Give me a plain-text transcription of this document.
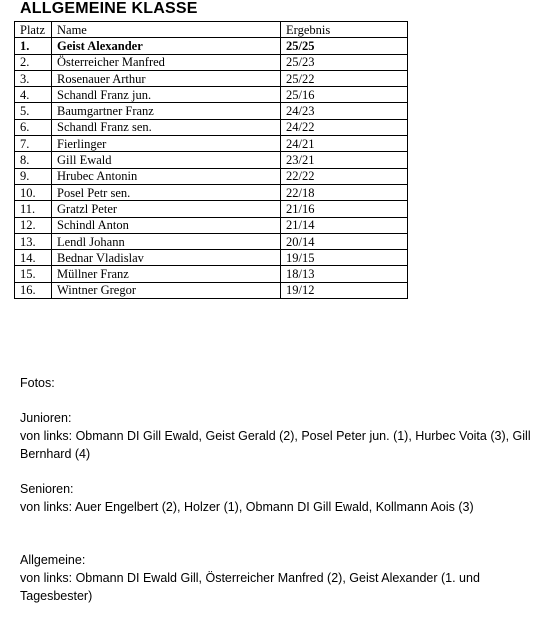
ALLGEMEINE KLASSE
Platz	Name	Ergebnis
1.	Geist Alexander	25/25
2.	Österreicher Manfred	25/23
3.	Rosenauer Arthur	25/22
4.	Schandl Franz jun.	25/16
5.	Baumgartner Franz	24/23
6.	Schandl Franz sen.	24/22
7.	Fierlinger	24/21
8.	Gill Ewald	23/21
9.	Hrubec Antonin	22/22
10.	Posel Petr sen.	22/18
11.	Gratzl Peter	21/16
12.	Schindl Anton	21/14
13.	Lendl Johann	20/14
14.	Bednar Vladislav	19/15
15.	Müllner Franz	18/13
16.	Wintner Gregor	19/12

Fotos:

Junioren:

von links: Obmann DI Gill Ewald, Geist Gerald (2), Posel Peter jun. (1), Hurbec Voita (3), Gill Bernhard (4)

Senioren:

von links: Auer Engelbert (2), Holzer (1), Obmann DI Gill Ewald, Kollmann Aois (3)

Allgemeine:

von links: Obmann DI Ewald Gill, Österreicher Manfred (2), Geist Alexander (1. und Tagesbester)
